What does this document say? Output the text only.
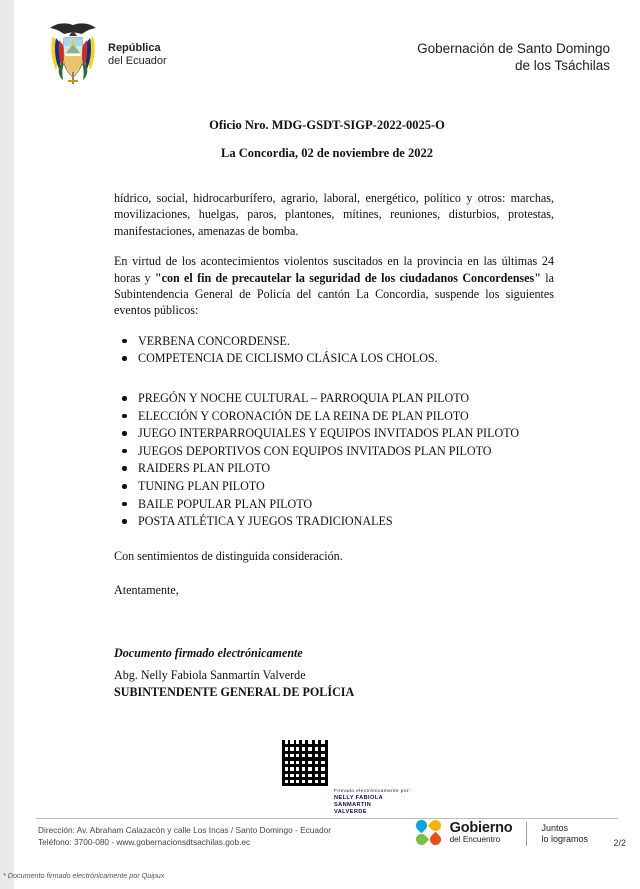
República
del Ecuador
Gobernación de Santo Domingo
de los Tsáchilas
Oficio Nro. MDG-GSDT-SIGP-2022-0025-O
La Concordia, 02 de noviembre de 2022

hídrico, social, hidrocarburífero, agrario, laboral, energético, político y otros: marchas, movilizaciones, huelgas, paros, plantones, mítines, reuniones, disturbios, protestas, manifestaciones, amenazas de bomba.

En virtud de los acontecimientos violentos suscitados en la provincia en las últimas 24 horas y "con el fin de precautelar la seguridad de los ciudadanos Concordenses" la Subintendencia General de Policía del cantón La Concordia, suspende los siguientes eventos públicos:

VERBENA CONCORDENSE.
COMPETENCIA DE CICLISMO CLÁSICA LOS CHOLOS.
PREGÓN Y NOCHE CULTURAL – PARROQUIA PLAN PILOTO
ELECCIÓN Y CORONACIÓN DE LA REINA DE PLAN PILOTO
JUEGO INTERPARROQUIALES Y EQUIPOS INVITADOS PLAN PILOTO
JUEGOS DEPORTIVOS CON EQUIPOS INVITADOS PLAN PILOTO
RAIDERS PLAN PILOTO
TUNING PLAN PILOTO
BAILE POPULAR PLAN PILOTO
POSTA ATLÉTICA Y JUEGOS TRADICIONALES

Con sentimientos de distinguida consideración.

Atentamente,

Documento firmado electrónicamente
Abg. Nelly Fabiola Sanmartín Valverde
SUBINTENDENTE GENERAL DE POLÍCIA
Firmado electrónicamente por:
NELLY FABIOLA
SANMARTIN
VALVERDE
Dirección: Av. Abraham Calazacón y calle Los Incas / Santo Domingo - Ecuador
Teléfono: 3700-080 - www.gobernacionsdtsachilas.gob.ec
Gobierno
del Encuentro
Juntos
lo logramos	2/2
* Documento firmado electrónicamente por Quipux
